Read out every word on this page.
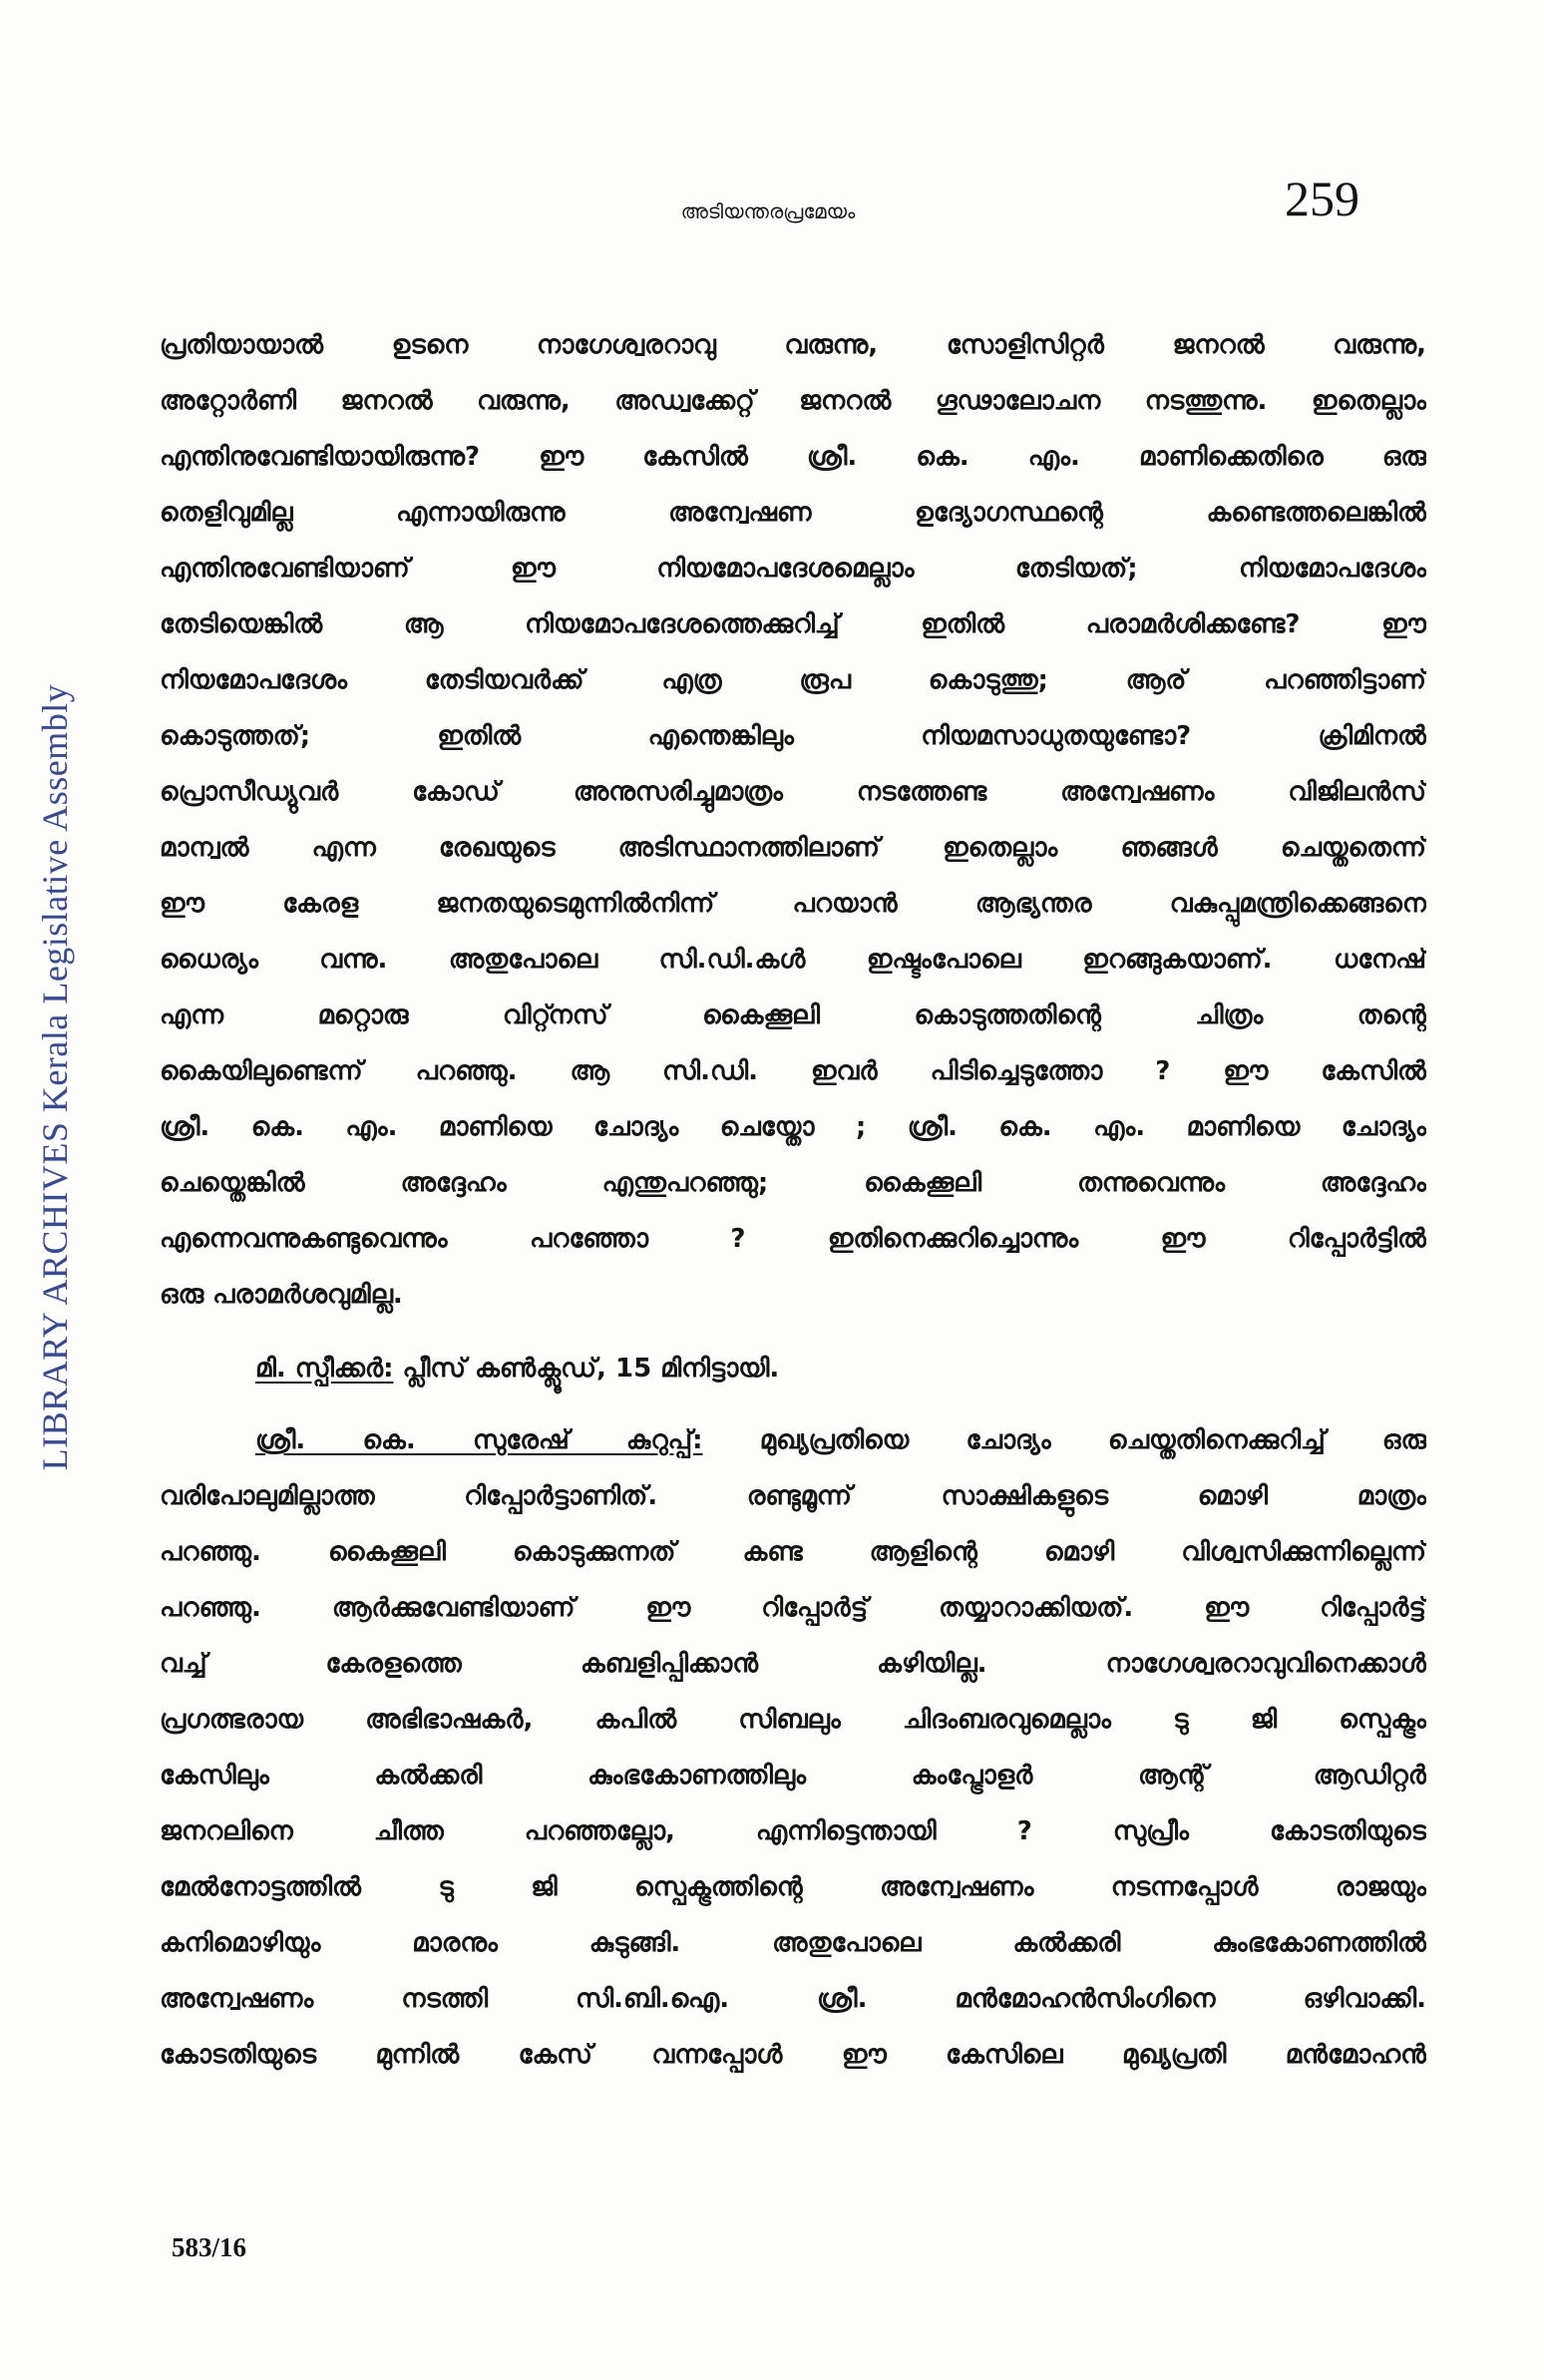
LIBRARY ARCHIVES Kerala Legislative Assembly
അടിയന്തരപ്രമേയം	259
പ്രതിയായാൽ ഉടനെ നാഗേശ്വരറാവു വരുന്നു, സോളിസിറ്റർ ജനറൽ വരുന്നു,
അറ്റോർണി ജനറൽ വരുന്നു, അഡ്വക്കേറ്റ് ജനറൽ ഗൂഢാലോചന നടത്തുന്നു. ഇതെല്ലാം
എന്തിനുവേണ്ടിയായിരുന്നു? ഈ കേസിൽ ശ്രീ. കെ. എം. മാണിക്കെതിരെ ഒരു
തെളിവുമില്ല എന്നായിരുന്നു അന്വേഷണ ഉദ്യോഗസ്ഥന്റെ കണ്ടെത്തലെങ്കിൽ
എന്തിനുവേണ്ടിയാണ് ഈ നിയമോപദേശമെല്ലാം തേടിയത്; നിയമോപദേശം
തേടിയെങ്കിൽ ആ നിയമോപദേശത്തെക്കുറിച്ച് ഇതിൽ പരാമർശിക്കണ്ടേ? ഈ
നിയമോപദേശം തേടിയവർക്ക് എത്ര രൂപ കൊടുത്തു; ആര് പറഞ്ഞിട്ടാണ്
കൊടുത്തത്; ഇതിൽ എന്തെങ്കിലും നിയമസാധുതയുണ്ടോ? ക്രിമിനൽ
പ്രൊസീഡ്യുവർ കോഡ് അനുസരിച്ചുമാത്രം നടത്തേണ്ട അന്വേഷണം വിജിലൻസ്
മാന്വൽ എന്ന രേഖയുടെ അടിസ്ഥാനത്തിലാണ് ഇതെല്ലാം ഞങ്ങൾ ചെയ്തതെന്ന്
ഈ കേരള ജനതയുടെമുന്നിൽനിന്ന് പറയാൻ ആഭ്യന്തര വകുപ്പുമന്ത്രിക്കെങ്ങനെ
ധൈര്യം വന്നു. അതുപോലെ സി.ഡി.കൾ ഇഷ്ടംപോലെ ഇറങ്ങുകയാണ്. ധനേഷ്
എന്ന മറ്റൊരു വിറ്റ്നസ് കൈക്കൂലി കൊടുത്തതിന്റെ ചിത്രം തന്റെ
കൈയിലുണ്ടെന്ന് പറഞ്ഞു. ആ സി.ഡി. ഇവർ പിടിച്ചെടുത്തോ ? ഈ കേസിൽ
ശ്രീ. കെ. എം. മാണിയെ ചോദ്യം ചെയ്തോ ; ശ്രീ. കെ. എം. മാണിയെ ചോദ്യം
ചെയ്തെങ്കിൽ അദ്ദേഹം എന്തുപറഞ്ഞു; കൈക്കൂലി തന്നുവെന്നും അദ്ദേഹം
എന്നെവന്നുകണ്ടുവെന്നും പറഞ്ഞോ ? ഇതിനെക്കുറിച്ചൊന്നും ഈ റിപ്പോർട്ടിൽ
ഒരു പരാമർശവുമില്ല.
മി. സ്പീക്കർ: പ്ലീസ് കൺക്ലൂഡ്, 15 മിനിട്ടായി.
ശ്രീ. കെ. സുരേഷ് കുറുപ്പ്: മുഖ്യപ്രതിയെ ചോദ്യം ചെയ്തതിനെക്കുറിച്ച് ഒരു
വരിപോലുമില്ലാത്ത റിപ്പോർട്ടാണിത്. രണ്ടുമൂന്ന് സാക്ഷികളുടെ മൊഴി മാത്രം
പറഞ്ഞു. കൈക്കൂലി കൊടുക്കുന്നത് കണ്ട ആളിന്റെ മൊഴി വിശ്വസിക്കുന്നില്ലെന്ന്
പറഞ്ഞു. ആർക്കുവേണ്ടിയാണ് ഈ റിപ്പോർട്ട് തയ്യാറാക്കിയത്. ഈ റിപ്പോർട്ട്
വച്ച് കേരളത്തെ കബളിപ്പിക്കാൻ കഴിയില്ല. നാഗേശ്വരറാവുവിനെക്കാൾ
പ്രഗത്ഭരായ അഭിഭാഷകർ, കപിൽ സിബലും ചിദംബരവുമെല്ലാം ടു ജി സ്പെക്ട്രം
കേസിലും കൽക്കരി കുംഭകോണത്തിലും കംപ്ട്രോളർ ആന്റ് ആഡിറ്റർ
ജനറലിനെ ചീത്ത പറഞ്ഞല്ലോ, എന്നിട്ടെന്തായി ? സുപ്രീം കോടതിയുടെ
മേൽനോട്ടത്തിൽ ടു ജി സ്പെക്ട്രത്തിന്റെ അന്വേഷണം നടന്നപ്പോൾ രാജയും
കനിമൊഴിയും മാരനും കുടുങ്ങി. അതുപോലെ കൽക്കരി കുംഭകോണത്തിൽ
അന്വേഷണം നടത്തി സി.ബി.ഐ. ശ്രീ. മൻമോഹൻസിംഗിനെ ഒഴിവാക്കി.
കോടതിയുടെ മുന്നിൽ കേസ് വന്നപ്പോൾ ഈ കേസിലെ മുഖ്യപ്രതി മൻമോഹൻ
583/16
